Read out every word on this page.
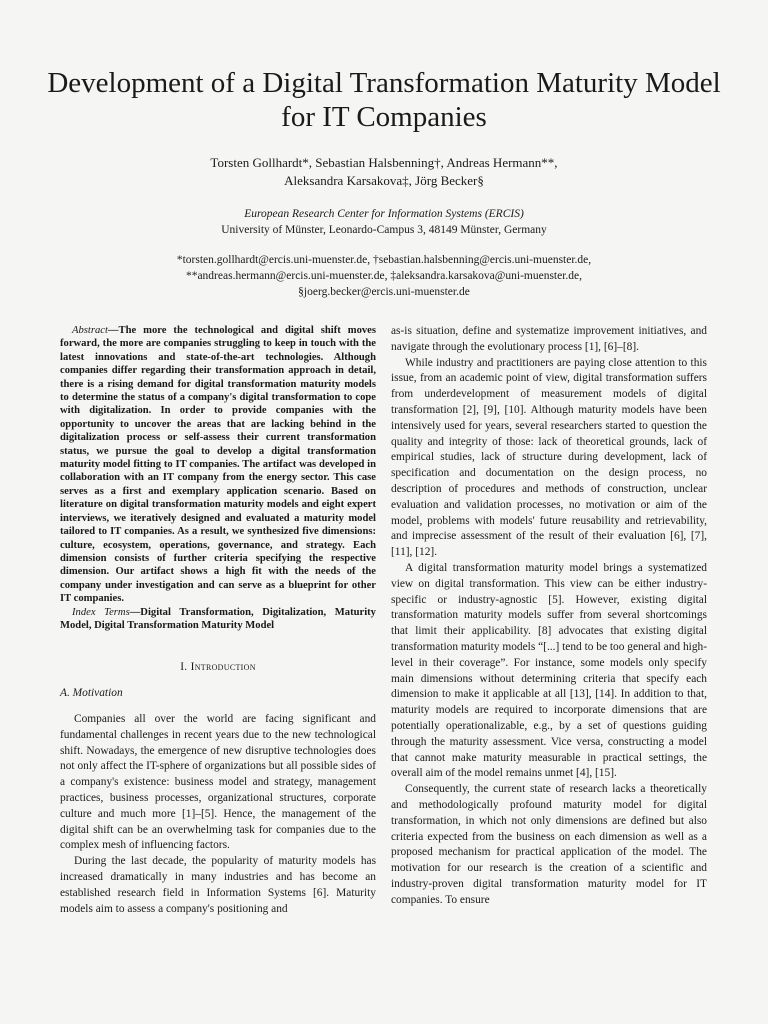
Development of a Digital Transformation Maturity Model for IT Companies
Torsten Gollhardt*, Sebastian Halsbenning†, Andreas Hermann**,
Aleksandra Karsakova‡, Jörg Becker§
European Research Center for Information Systems (ERCIS)
University of Münster, Leonardo-Campus 3, 48149 Münster, Germany
*torsten.gollhardt@ercis.uni-muenster.de, †sebastian.halsbenning@ercis.uni-muenster.de,
**andreas.hermann@ercis.uni-muenster.de, ‡aleksandra.karsakova@uni-muenster.de,
§joerg.becker@ercis.uni-muenster.de

Abstract—The more the technological and digital shift moves forward, the more are companies struggling to keep in touch with the latest innovations and state-of-the-art technologies. Although companies differ regarding their transformation approach in detail, there is a rising demand for digital transformation maturity models to determine the status of a company's digital transformation to cope with digitalization. In order to provide companies with the opportunity to uncover the areas that are lacking behind in the digitalization process or self-assess their current transformation status, we pursue the goal to develop a digital transformation maturity model fitting to IT companies. The artifact was developed in collaboration with an IT company from the energy sector. This case serves as a first and exemplary application scenario. Based on literature on digital transformation maturity models and eight expert interviews, we iteratively designed and evaluated a maturity model tailored to IT companies. As a result, we synthesized five dimensions: culture, ecosystem, operations, governance, and strategy. Each dimension consists of further criteria specifying the respective dimension. Our artifact shows a high fit with the needs of the company under investigation and can serve as a blueprint for other IT companies.

Index Terms—Digital Transformation, Digitalization, Maturity Model, Digital Transformation Maturity Model

I. Introduction
A. Motivation

Companies all over the world are facing significant and fundamental challenges in recent years due to the new technological shift. Nowadays, the emergence of new disruptive technologies does not only affect the IT-sphere of organizations but all possible sides of a company's existence: business model and strategy, management practices, business processes, organizational structures, corporate culture and much more [1]–[5]. Hence, the management of the digital shift can be an overwhelming task for companies due to the complex mesh of influencing factors.

During the last decade, the popularity of maturity models has increased dramatically in many industries and has become an established research field in Information Systems [6]. Maturity models aim to assess a company's positioning and

as-is situation, define and systematize improvement initiatives, and navigate through the evolutionary process [1], [6]–[8].

While industry and practitioners are paying close attention to this issue, from an academic point of view, digital transformation suffers from underdevelopment of measurement models of digital transformation [2], [9], [10]. Although maturity models have been intensively used for years, several researchers started to question the quality and integrity of those: lack of theoretical grounds, lack of empirical studies, lack of structure during development, lack of specification and documentation on the design process, no description of procedures and methods of construction, unclear evaluation and validation processes, no motivation or aim of the model, problems with models' future reusability and retrievability, and imprecise assessment of the result of their evaluation [6], [7], [11], [12].

A digital transformation maturity model brings a systematized view on digital transformation. This view can be either industry-specific or industry-agnostic [5]. However, existing digital transformation maturity models suffer from several shortcomings that limit their applicability. [8] advocates that existing digital transformation maturity models “[...] tend to be too general and high-level in their coverage”. For instance, some models only specify main dimensions without determining criteria that specify each dimension to make it applicable at all [13], [14]. In addition to that, maturity models are required to incorporate dimensions that are potentially operationalizable, e.g., by a set of questions guiding through the maturity assessment. Vice versa, constructing a model that cannot make maturity measurable in practical settings, the overall aim of the model remains unmet [4], [15].

Consequently, the current state of research lacks a theoretically and methodologically profound maturity model for digital transformation, in which not only dimensions are defined but also criteria expected from the business on each dimension as well as a proposed mechanism for practical application of the model. The motivation for our research is the creation of a scientific and industry-proven digital transformation maturity model for IT companies. To ensure
